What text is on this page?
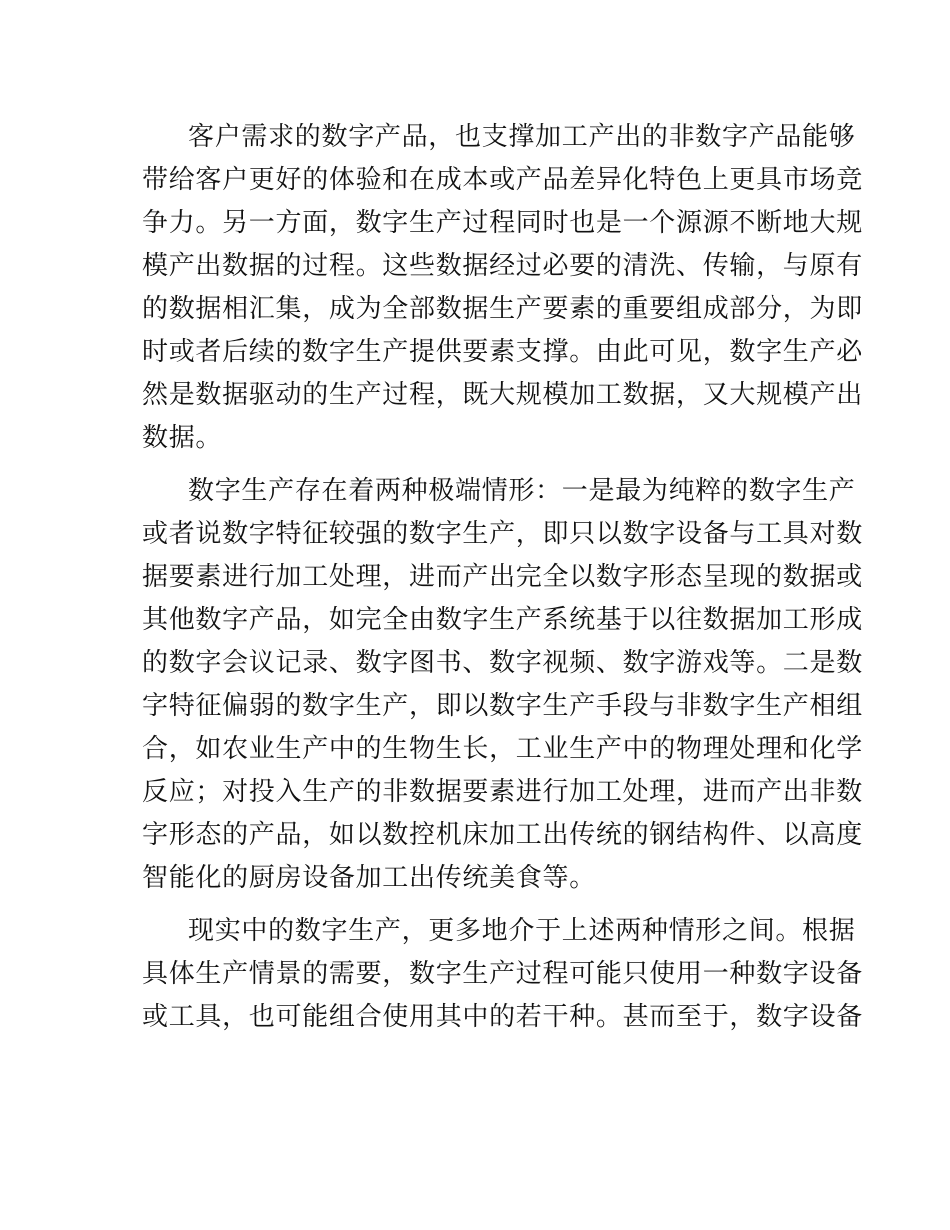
客户需求的数字产品，也支撑加工产出的非数字产品能够
带给客户更好的体验和在成本或产品差异化特色上更具市场竞
争力。另一方面，数字生产过程同时也是一个源源不断地大规
模产出数据的过程。这些数据经过必要的清洗、传输，与原有
的数据相汇集，成为全部数据生产要素的重要组成部分，为即
时或者后续的数字生产提供要素支撑。由此可见，数字生产必
然是数据驱动的生产过程，既大规模加工数据，又大规模产出
数据。

数字生产存在着两种极端情形：一是最为纯粹的数字生产
或者说数字特征较强的数字生产，即只以数字设备与工具对数
据要素进行加工处理，进而产出完全以数字形态呈现的数据或
其他数字产品，如完全由数字生产系统基于以往数据加工形成
的数字会议记录、数字图书、数字视频、数字游戏等。二是数
字特征偏弱的数字生产，即以数字生产手段与非数字生产相组
合，如农业生产中的生物生长，工业生产中的物理处理和化学
反应；对投入生产的非数据要素进行加工处理，进而产出非数
字形态的产品，如以数控机床加工出传统的钢结构件、以高度
智能化的厨房设备加工出传统美食等。

现实中的数字生产，更多地介于上述两种情形之间。根据
具体生产情景的需要，数字生产过程可能只使用一种数字设备
或工具，也可能组合使用其中的若干种。甚而至于，数字设备
